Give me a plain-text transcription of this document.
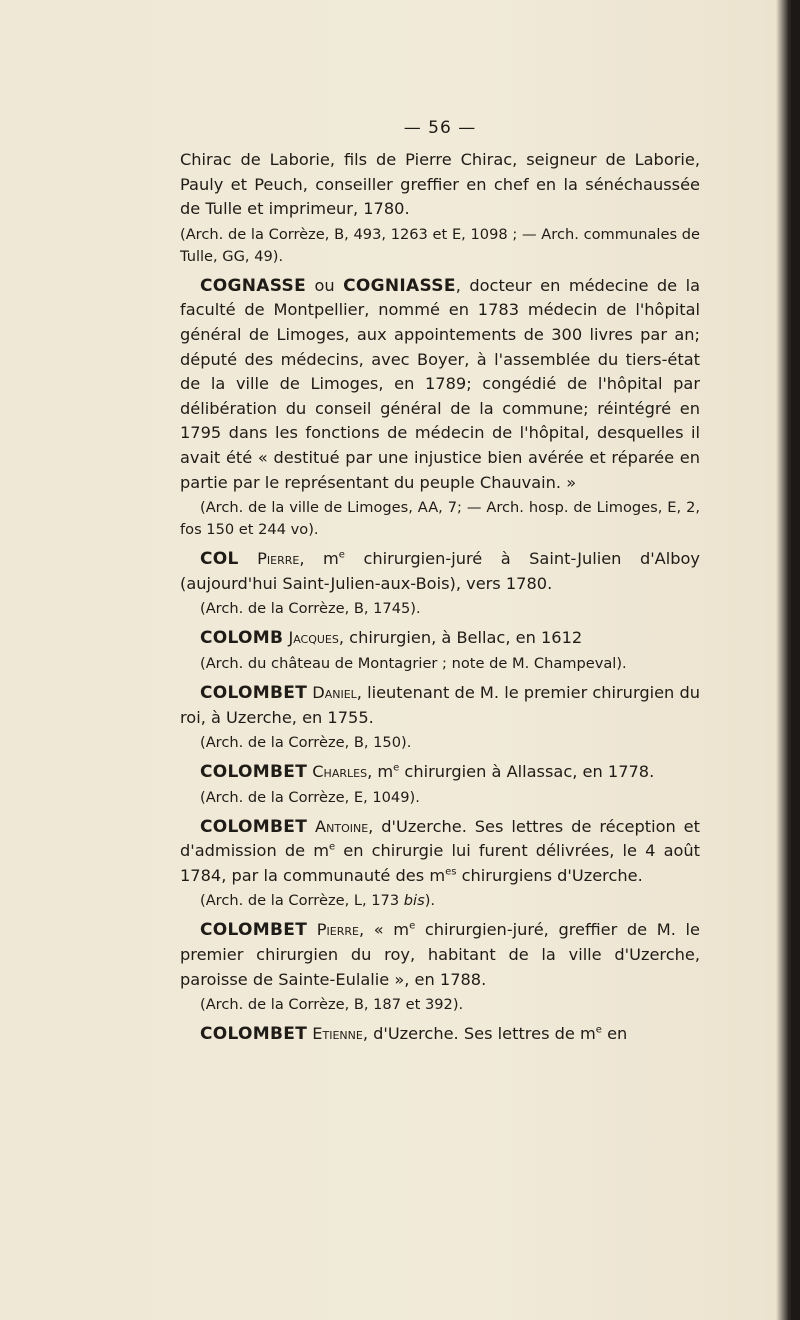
— 56 —

Chirac de Laborie, fils de Pierre Chirac, seigneur de Laborie, Pauly et Peuch, conseiller greffier en chef en la sénéchaussée de Tulle et imprimeur, 1780.

(Arch. de la Corrèze, B, 493, 1263 et E, 1098 ; — Arch. communales de Tulle, GG, 49).

COGNASSE ou COGNIASSE, docteur en médecine de la faculté de Montpellier, nommé en 1783 médecin de l'hôpital général de Limoges, aux appointements de 300 livres par an; député des médecins, avec Boyer, à l'assemblée du tiers-état de la ville de Limoges, en 1789; congédié de l'hôpital par délibération du conseil général de la commune; réintégré en 1795 dans les fonctions de médecin de l'hôpital, desquelles il avait été « destitué par une injustice bien avérée et réparée en partie par le représentant du peuple Chauvain. »

(Arch. de la ville de Limoges, AA, 7; — Arch. hosp. de Limoges, E, 2, fos 150 et 244 vo).

COL Pierre, $m^e$ chirurgien-juré à Saint-Julien d'Alboy (aujourd'hui Saint-Julien-aux-Bois), vers 1780.

(Arch. de la Corrèze, B, 1745).

COLOMB Jacques, chirurgien, à Bellac, en 1612

(Arch. du château de Montagrier ; note de M. Champeval).

COLOMBET Daniel, lieutenant de M. le premier chirurgien du roi, à Uzerche, en 1755.

(Arch. de la Corrèze, B, 150).

COLOMBET Charles, $m^e$ chirurgien à Allassac, en 1778.

(Arch. de la Corrèze, E, 1049).

COLOMBET Antoine, d'Uzerche. Ses lettres de réception et d'admission de $m^e$ en chirurgie lui furent délivrées, le 4 août 1784, par la communauté des $m^{es}$ chirurgiens d'Uzerche.

(Arch. de la Corrèze, L, 173 bis).

COLOMBET Pierre, « $m^e$ chirurgien-juré, greffier de M. le premier chirurgien du roy, habitant de la ville d'Uzerche, paroisse de Sainte-Eulalie », en 1788.

(Arch. de la Corrèze, B, 187 et 392).

COLOMBET Etienne, d'Uzerche. Ses lettres de $m^e$ en
